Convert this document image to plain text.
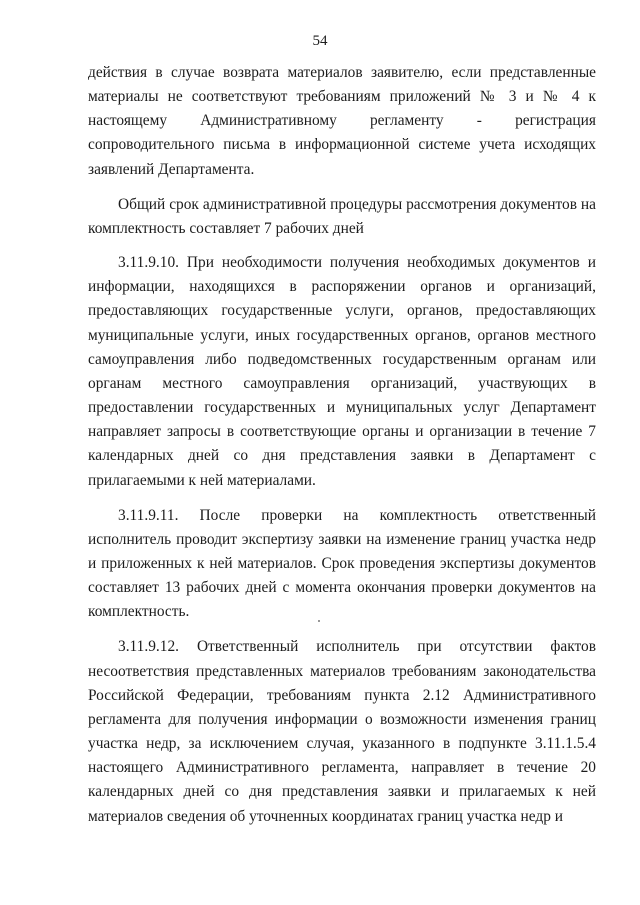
54

действия в случае возврата материалов заявителю, если представленные материалы не соответствуют требованиям приложений № 3 и № 4 к настоящему Административному регламенту - регистрация сопроводительного письма в информационной системе учета исходящих заявлений Департамента.

Общий срок административной процедуры рассмотрения документов на комплектность составляет 7 рабочих дней

3.11.9.10. При необходимости получения необходимых документов и информации, находящихся в распоряжении органов и организаций, предоставляющих государственные услуги, органов, предоставляющих муниципальные услуги, иных государственных органов, органов местного самоуправления либо подведомственных государственным органам или органам местного самоуправления организаций, участвующих в предоставлении государственных и муниципальных услуг Департамент направляет запросы в соответствующие органы и организации в течение 7 календарных дней со дня представления заявки в Департамент с прилагаемыми к ней материалами.

3.11.9.11. После проверки на комплектность ответственный исполнитель проводит экспертизу заявки на изменение границ участка недр и приложенных к ней материалов. Срок проведения экспертизы документов составляет 13 рабочих дней с момента окончания проверки документов на комплектность.

3.11.9.12. Ответственный исполнитель при отсутствии фактов несоответствия представленных материалов требованиям законодательства Российской Федерации, требованиям пункта 2.12 Административного регламента для получения информации о возможности изменения границ участка недр, за исключением случая, указанного в подпункте 3.11.1.5.4 настоящего Административного регламента, направляет в течение 20 календарных дней со дня представления заявки и прилагаемых к ней материалов сведения об уточненных координатах границ участка недр и
